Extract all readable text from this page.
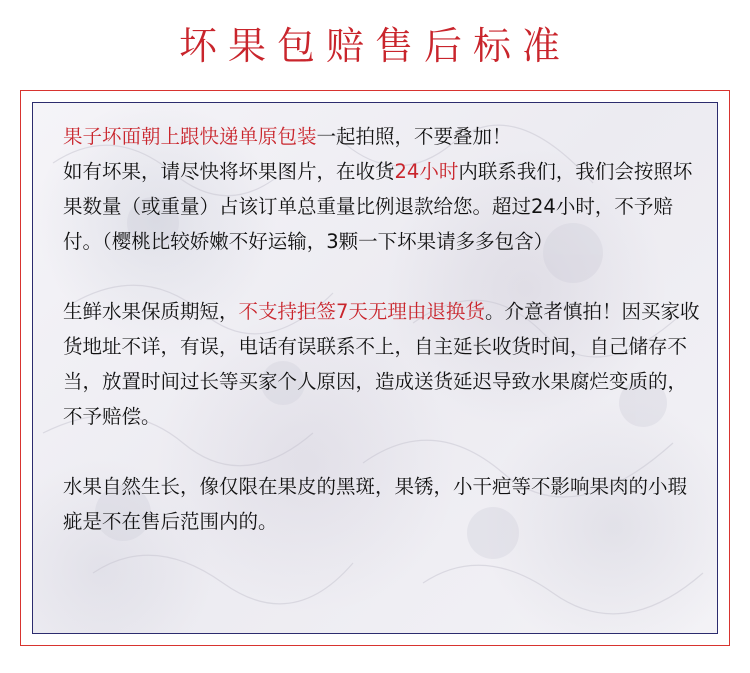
坏果包赔售后标准

果子坏面朝上跟快递单原包装一起拍照，不要叠加！
如有坏果，请尽快将坏果图片，在收货24小时内联系我们，我们会按照坏果数量（或重量）占该订单总重量比例退款给您。超过24小时，不予赔付。（樱桃比较娇嫩不好运输，3颗一下坏果请多多包含）

生鲜水果保质期短，不支持拒签7天无理由退换货。介意者慎拍！因买家收货地址不详，有误，电话有误联系不上，自主延长收货时间，自己储存不当，放置时间过长等买家个人原因，造成送货延迟导致水果腐烂变质的，不予赔偿。

水果自然生长，像仅限在果皮的黑斑，果锈，小干疤等不影响果肉的小瑕疵是不在售后范围内的。
